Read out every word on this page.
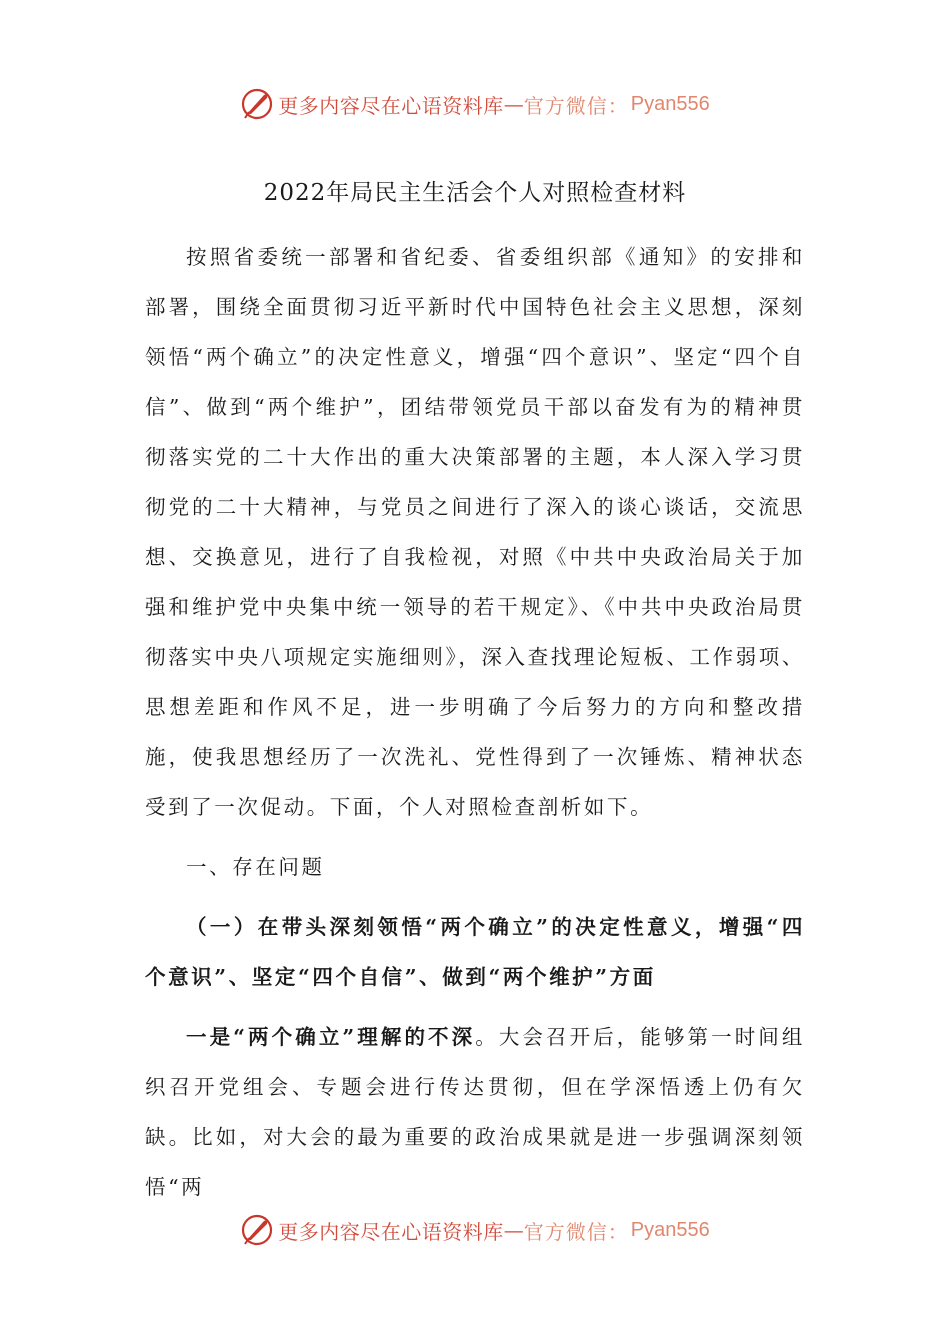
更多内容尽在心语资料库 — 官方微信： Pyan556
2022年局民主生活会个人对照检查材料

按照省委统一部署和省纪委、省委组织部《通知》的安排和部署，围绕全面贯彻习近平新时代中国特色社会主义思想，深刻领悟“两个确立”的决定性意义，增强“四个意识”、坚定“四个自信”、做到“两个维护”，团结带领党员干部以奋发有为的精神贯彻落实党的二十大作出的重大决策部署的主题，本人深入学习贯彻党的二十大精神，与党员之间进行了深入的谈心谈话，交流思想、交换意见，进行了自我检视，对照《中共中央政治局关于加强和维护党中央集中统一领导的若干规定》、《中共中央政治局贯彻落实中央八项规定实施细则》，深入查找理论短板、工作弱项、思想差距和作风不足，进一步明确了今后努力的方向和整改措施，使我思想经历了一次洗礼、党性得到了一次锤炼、精神状态受到了一次促动。下面，个人对照检查剖析如下。

一、存在问题

（一）在带头深刻领悟“两个确立”的决定性意义，增强“四个意识”、坚定“四个自信”、做到“两个维护”方面

一是“两个确立”理解的不深。大会召开后，能够第一时间组织召开党组会、专题会进行传达贯彻，但在学深悟透上仍有欠缺。比如，对大会的最为重要的政治成果就是进一步强调深刻领悟“两

更多内容尽在心语资料库 — 官方微信： Pyan556
